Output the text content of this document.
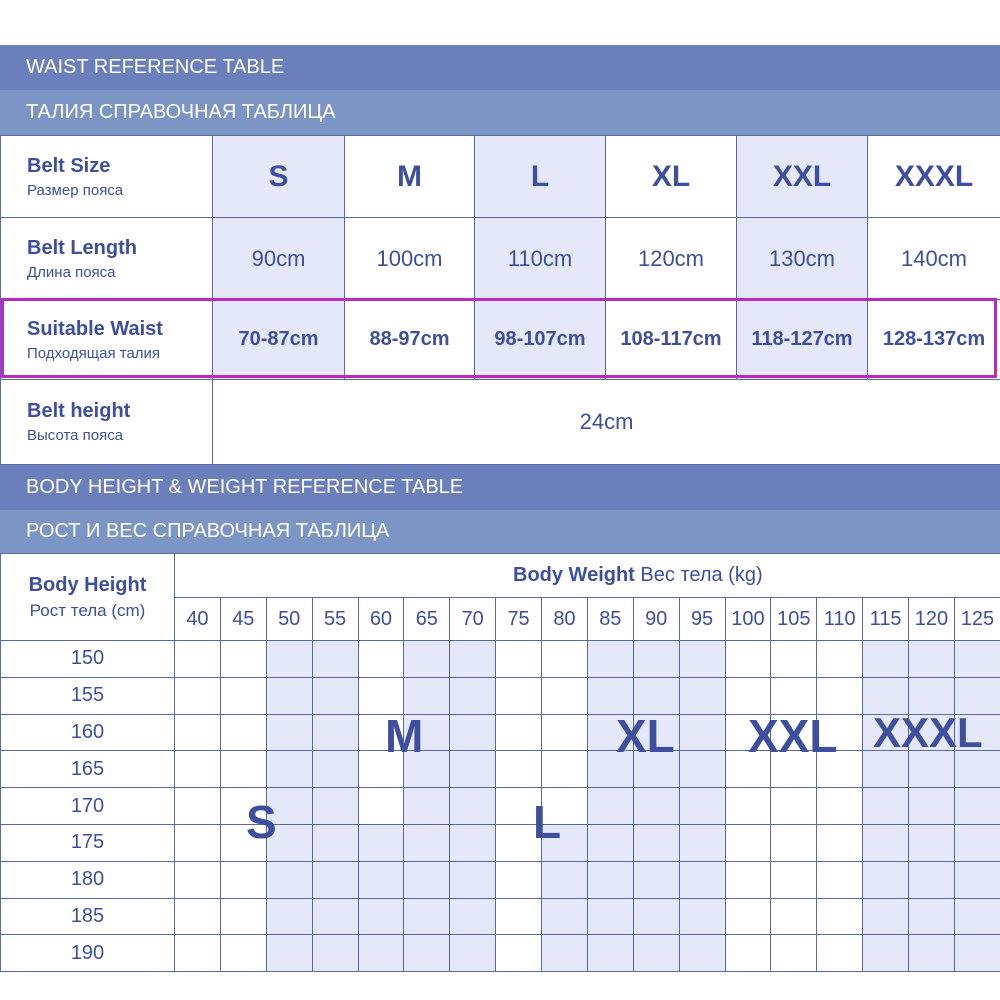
WAIST REFERENCE TABLE
ТАЛИЯ СПРАВОЧНАЯ ТАБЛИЦА
Belt Size
Размер пояса	S	M	L	XL	XXL	XXXL

Belt Length
Длина пояса	90cm	100cm	110cm	120cm	130cm	140cm

Suitable Waist
Подходящая талия	70-87cm	88-97cm	98-107cm	108-117cm	118-127cm	128-137cm

Belt height
Высота пояса	24cm					
BODY HEIGHT & WEIGHT REFERENCE TABLE
РОСТ И ВЕС СПРАВОЧНАЯ ТАБЛИЦА
Body Height
Рост тела (cm)	Body Weight Вес тела (kg)																	
	40	45	50	55	60	65	70	75	80	85	90	95	100	105	110	115	120	125
150																		
155																		
160																		
165																		
170																		
175																		
180																		
185																		
190																		
S
M
L
XL XXL XXXL
